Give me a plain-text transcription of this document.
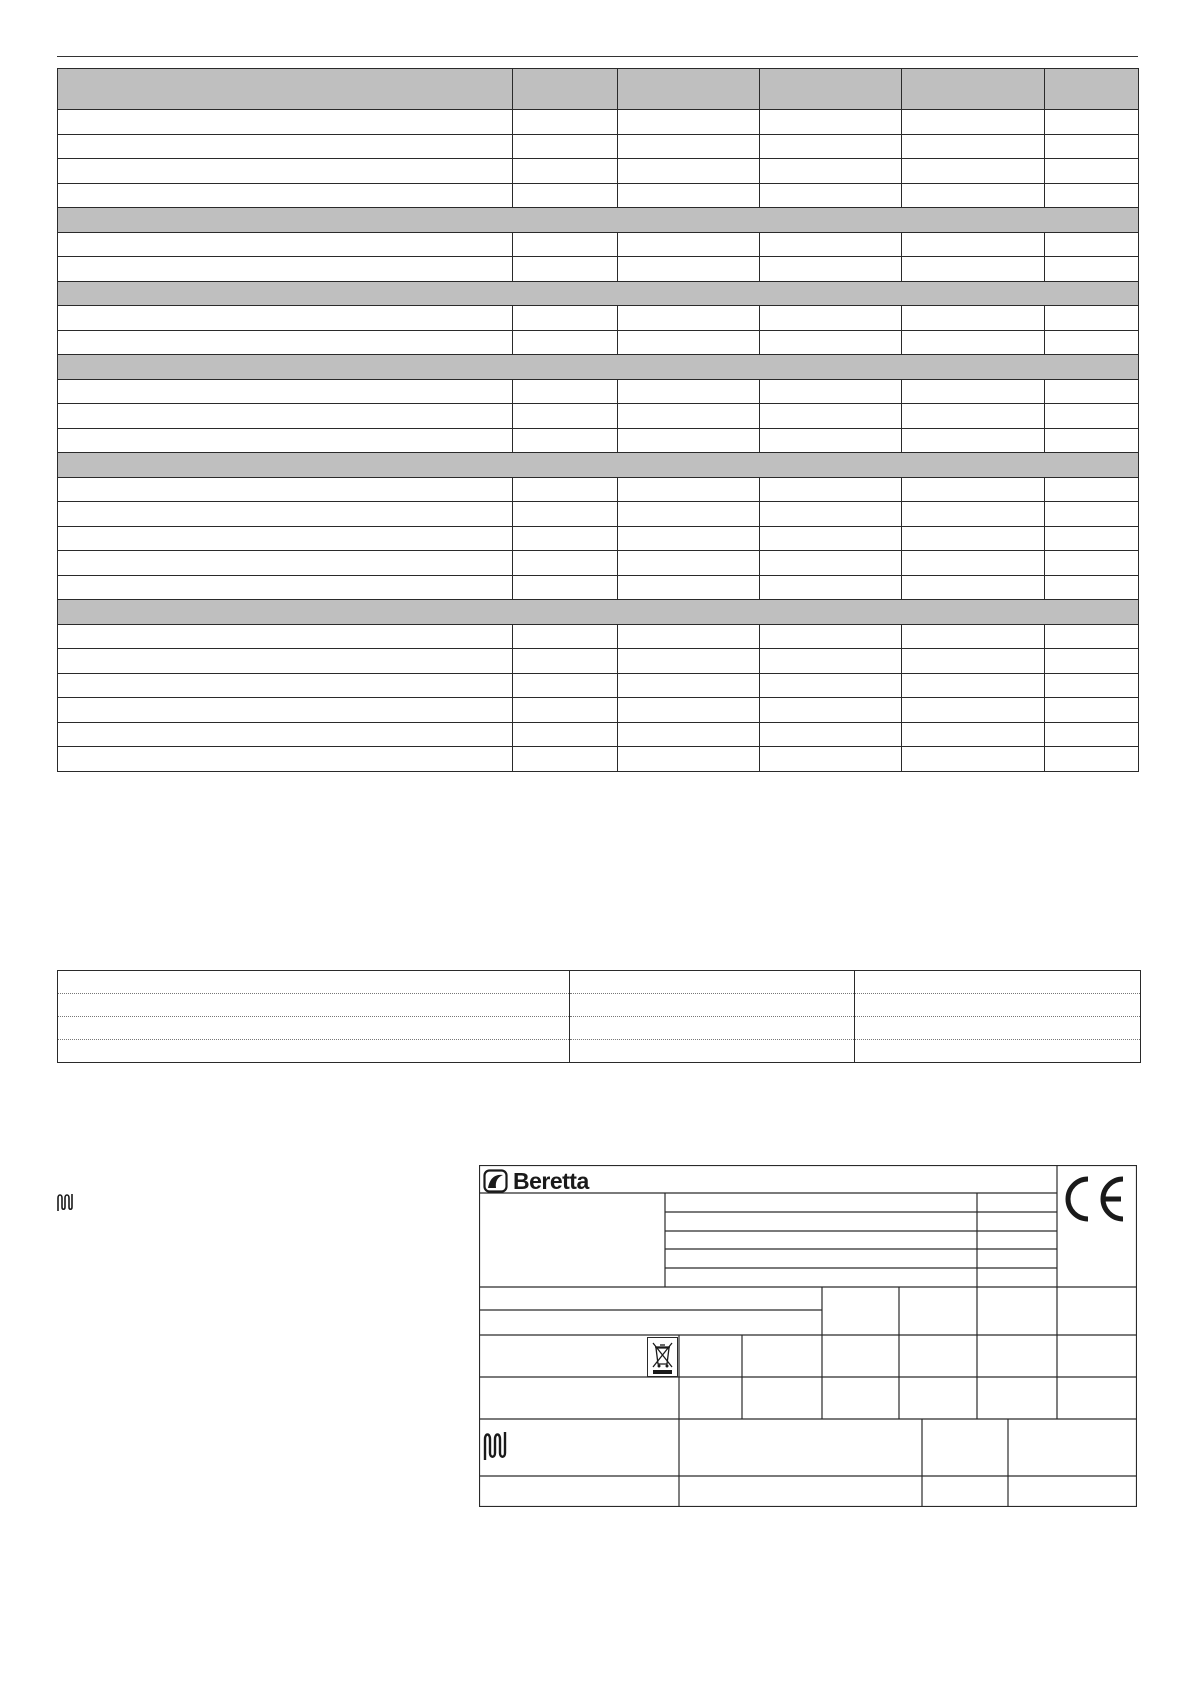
Beretta
